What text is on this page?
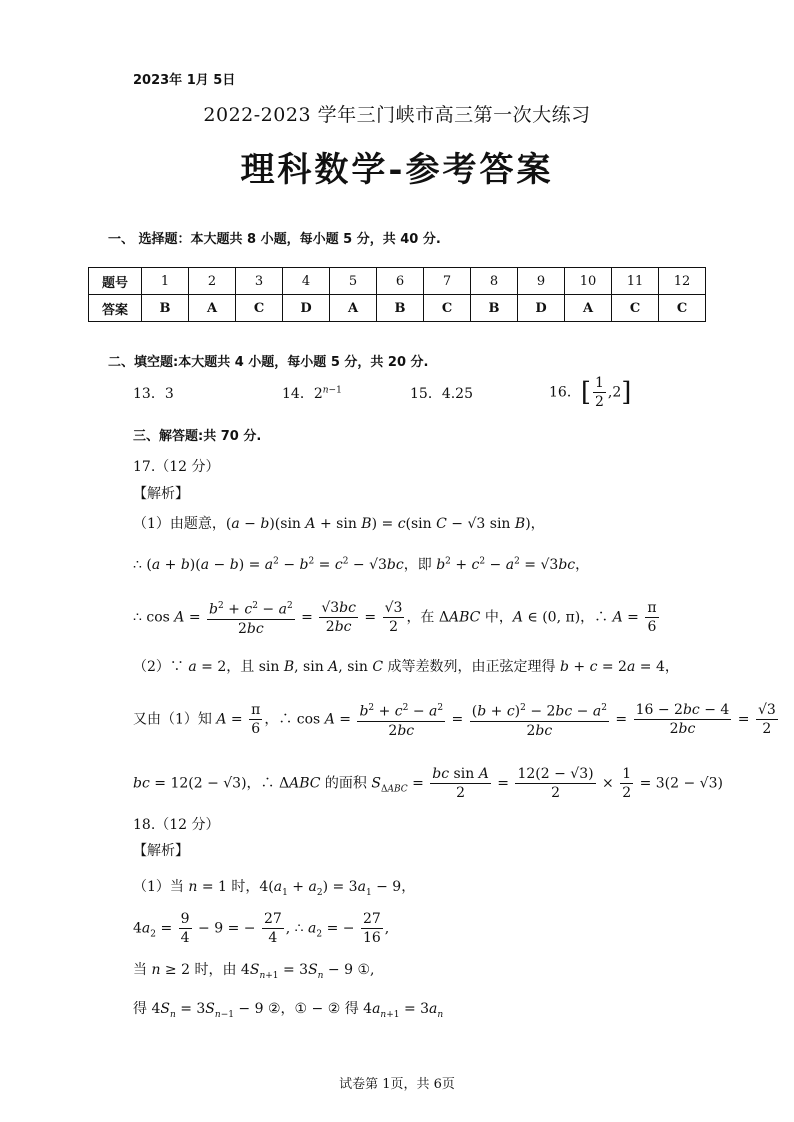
2023年 1月 5日
2022-2023 学年三门峡市高三第一次大练习
理科数学-参考答案
一、 选择题：本大题共 8 小题，每小题 5 分，共 40 分.
题号	1	2	3	4	5	6	7	8	9	10	11	12
答案	B	A	C	D	A	B	C	B	D	A	C	C
二、填空题:本大题共 4 小题，每小题 5 分，共 20 分.
13．3	14．$2^{n-1}$	15．4.25	16．[ $\frac{1}{2} ,2$]
三、解答题:共 70 分.
17.（12 分）
【解析】
（1）由题意，(a − b)(sin A + sin B) = c(sin C − √3 sin B)，
∴ $(a + b)(a - b) = a^2 - b^2 = c^2 - √3bc$，即 $b^2 + c^2 - a^2 = √3bc$，
∴ $\cos A = \frac{b^2 + c^2 - a^2}{2bc} = \frac{√3bc}{2bc} = \frac{√3}{2}$ ，在 ΔABC 中，A ∈ (0, π)，∴ $A = \frac{\pi}{6}$
（2）∵ a = 2，且 sin B, sin A, sin C 成等差数列，由正弦定理得 b + c = 2a = 4，
又由（1）知 $A = \frac{\pi}{6}$ ，∴ $\cos A = \frac{b^2 + c^2 - a^2}{2bc} = \frac{(b + c)^2 - 2bc - a^2}{2bc} = \frac{16 - 2bc - 4}{2bc} = \frac{√3}{2}$
bc = 12(2 − √3)，∴ ΔABC 的面积 $S_{\Delta ABC} = \frac{\text{bc sin A}}{2} = \frac{12(2 - √3)}{2} \times \frac{1}{2} = 3(2 - √3)$
18.（12 分）
【解析】
（1）当 n = 1 时，$4(a_1 + a_2) = 3a_1 - 9$，
$4a_2 = \frac{9}{4} - 9$ = − $\frac{27}{4}$ , ∴ $a_2$ = − $\frac{27}{16}$ ,
当 n ≥ 2 时，由 $4S_{n+1} = 3S_n - 9$ ①,
得 $4S_n = 3S_{n-1} - 9$ ②，① − ② 得 $4a_{n+1} = 3a_n$
试卷第 1页，共 6页
